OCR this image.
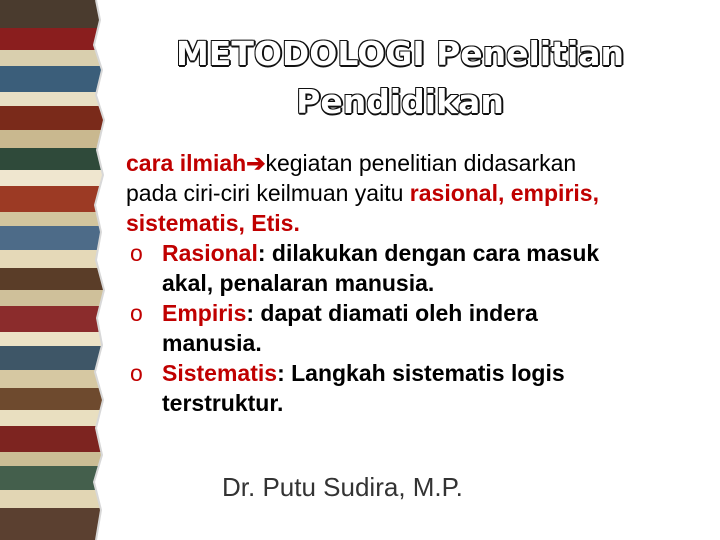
METODOLOGI Penelitian
Pendidikan
cara ilmiah➔kegiatan penelitian didasarkan
pada ciri-ciri keilmuan yaitu rasional, empiris,
sistematis, Etis.
o Rasional: dilakukan dengan cara masuk
akal, penalaran manusia.
o Empiris: dapat diamati oleh indera
manusia.
o Sistematis: Langkah sistematis logis
terstruktur.
Dr. Putu Sudira, M.P.
